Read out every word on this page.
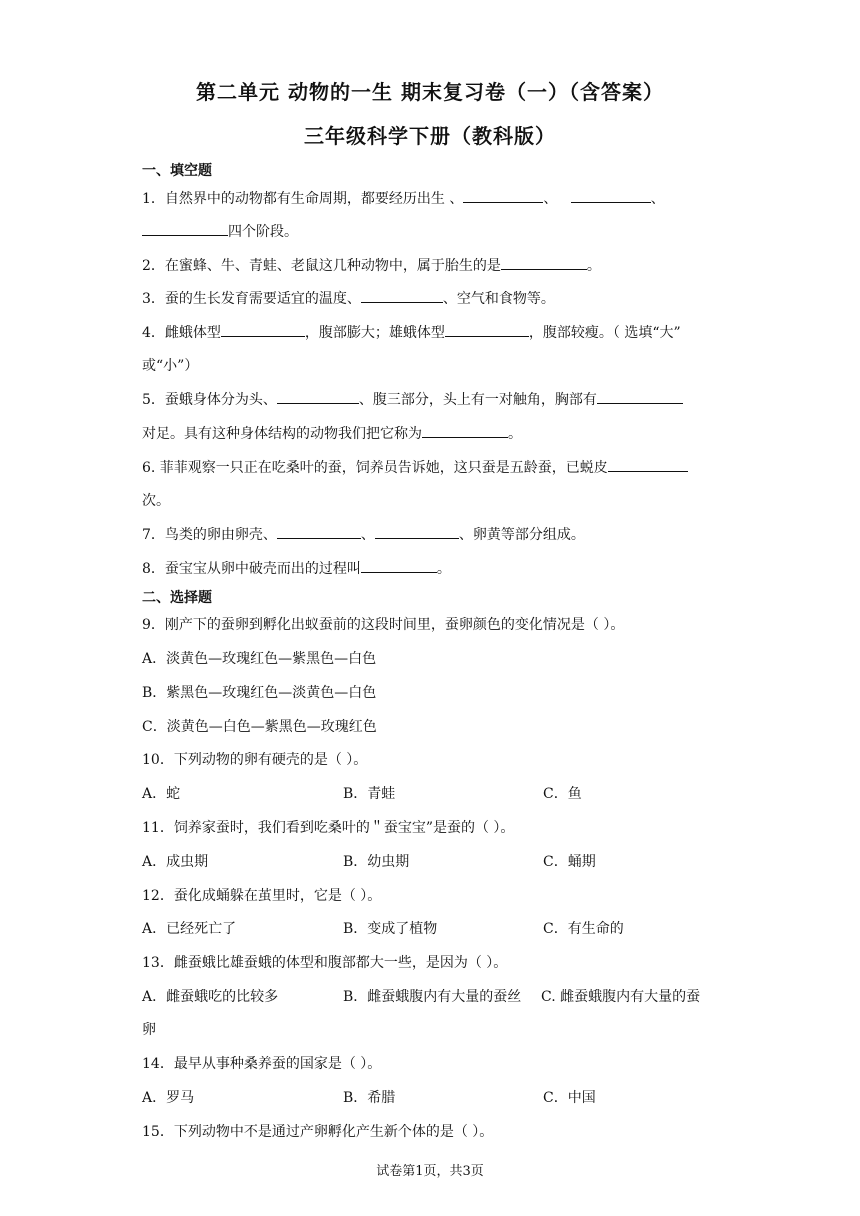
第二单元 动物的一生 期末复习卷（一）（含答案）
三年级科学下册（教科版）
一、填空题
1．自然界中的动物都有生命周期，都要经历出生 、	、	、
四个阶段。
2．在蜜蜂、牛、青蛙、老鼠这几种动物中，属于胎生的是	。
3．蚕的生长发育需要适宜的温度、	、空气和食物等。
4．雌蛾体型	，腹部膨大；雄蛾体型	，腹部较瘦。（ 选填“大”
或“小”）
5．蚕蛾身体分为头、	、腹三部分，头上有一对触角，胸部有
对足。具有这种身体结构的动物我们把它称为	。
6. 菲菲观察一只正在吃桑叶的蚕，饲养员告诉她，这只蚕是五龄蚕，已蜕皮
次。
7．鸟类的卵由卵壳、	、	、卵黄等部分组成。
8．蚕宝宝从卵中破壳而出的过程叫	。
二、选择题
9．刚产下的蚕卵到孵化出蚁蚕前的这段时间里，蚕卵颜色的变化情况是（ ）。
A．淡黄色—玫瑰红色—紫黑色—白色
B．紫黑色—玫瑰红色—淡黄色—白色
C．淡黄色—白色—紫黑色—玫瑰红色
10．下列动物的卵有硬壳的是（ ）。
A．蛇	B．青蛙	C．鱼
11．饲养家蚕时，我们看到吃桑叶的＂蚕宝宝”是蚕的（ ）。
A．成虫期	B．幼虫期	C．蛹期
12．蚕化成蛹躲在茧里时，它是（ ）。
A．已经死亡了	B．变成了植物	C．有生命的
13．雌蚕蛾比雄蚕蛾的体型和腹部都大一些，是因为（ ）。
A．雌蚕蛾吃的比较多	B．雌蚕蛾腹内有大量的蚕丝 C. 雌蚕蛾腹内有大量的蚕
卵
14．最早从事种桑养蚕的国家是（ ）。
A．罗马	B．希腊	C．中国
15．下列动物中不是通过产卵孵化产生新个体的是（ ）。
试卷第1页，共3页
